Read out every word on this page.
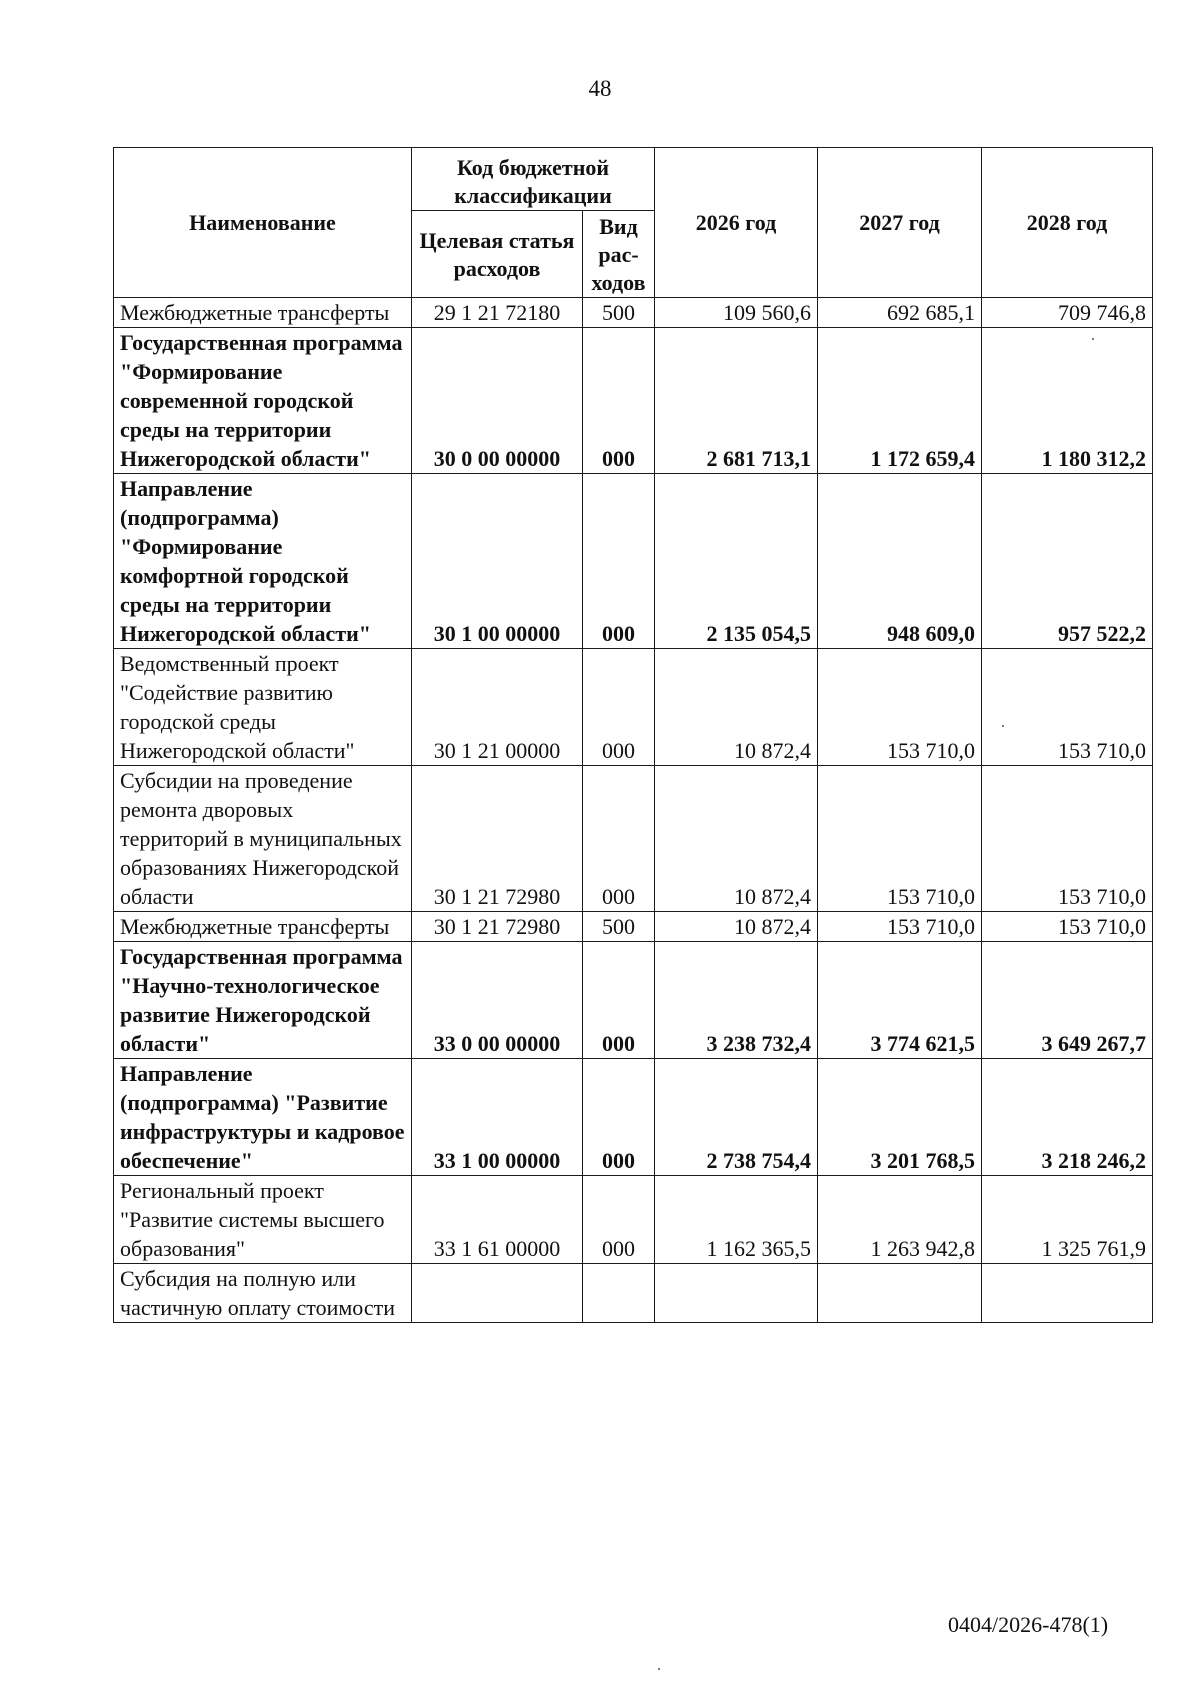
48
Наименование	Код бюджетной классификации		2026 год	2027 год	2028 год
	Целевая статья расходов	Вид рас-ходов			
Межбюджетные трансферты	29 1 21 72180	500	109 560,6	692 685,1	709 746,8
Государственная программа "Формирование современной городской среды на территории Нижегородской области"	30 0 00 00000	000	2 681 713,1	1 172 659,4	1 180 312,2
Направление (подпрограмма) "Формирование комфортной городской среды на территории Нижегородской области"	30 1 00 00000	000	2 135 054,5	948 609,0	957 522,2
Ведомственный проект "Содействие развитию городской среды Нижегородской области"	30 1 21 00000	000	10 872,4	153 710,0	153 710,0
Субсидии на проведение ремонта дворовых территорий в муниципальных образованиях Нижегородской области	30 1 21 72980	000	10 872,4	153 710,0	153 710,0
Межбюджетные трансферты	30 1 21 72980	500	10 872,4	153 710,0	153 710,0
Государственная программа "Научно-технологическое развитие Нижегородской области"	33 0 00 00000	000	3 238 732,4	3 774 621,5	3 649 267,7
Направление (подпрограмма) "Развитие инфраструктуры и кадровое обеспечение"	33 1 00 00000	000	2 738 754,4	3 201 768,5	3 218 246,2
Региональный проект "Развитие системы высшего образования"	33 1 61 00000	000	1 162 365,5	1 263 942,8	1 325 761,9
Субсидия на полную или частичную оплату стоимости					
0404/2026-478(1)
